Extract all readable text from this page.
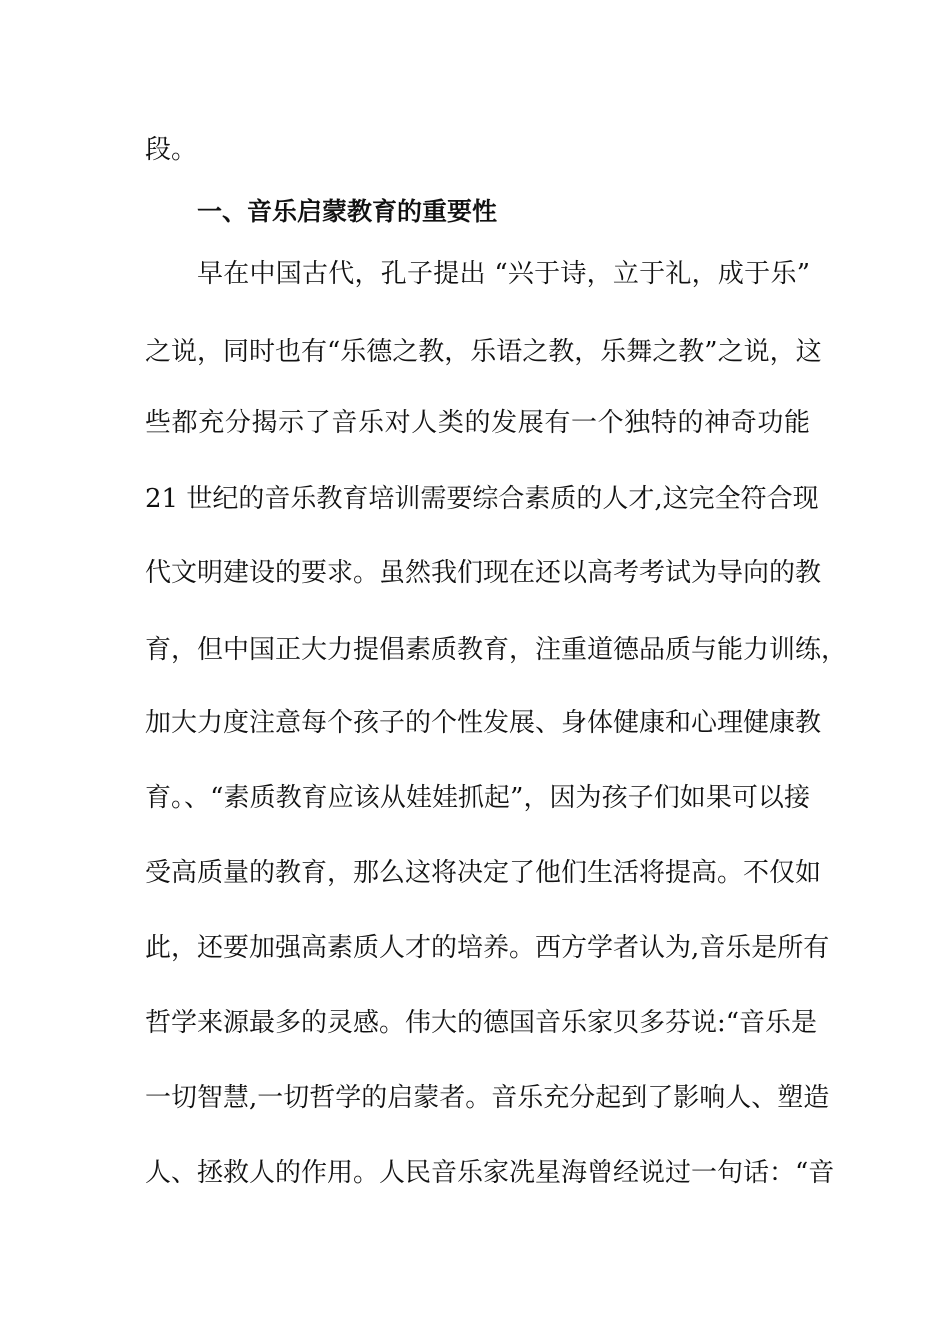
段。
一、音乐启蒙教育的重要性
早在中国古代，孔子提出 “兴于诗，立于礼，成于乐”
之说，同时也有“乐德之教，乐语之教，乐舞之教”之说，这
些都充分揭示了音乐对人类的发展有一个独特的神奇功能
21 世纪的音乐教育培训需要综合素质的人才,这完全符合现
代文明建设的要求。虽然我们现在还以高考考试为导向的教
育，但中国正大力提倡素质教育，注重道德品质与能力训练，
加大力度注意每个孩子的个性发展、身体健康和心理健康教
育。、“素质教育应该从娃娃抓起”，因为孩子们如果可以接
受高质量的教育，那么这将决定了他们生活将提高。不仅如
此，还要加强高素质人才的培养。西方学者认为,音乐是所有
哲学来源最多的灵感。伟大的德国音乐家贝多芬说:“音乐是
一切智慧,一切哲学的启蒙者。音乐充分起到了影响人、塑造
人、拯救人的作用。人民音乐家冼星海曾经说过一句话：“音
